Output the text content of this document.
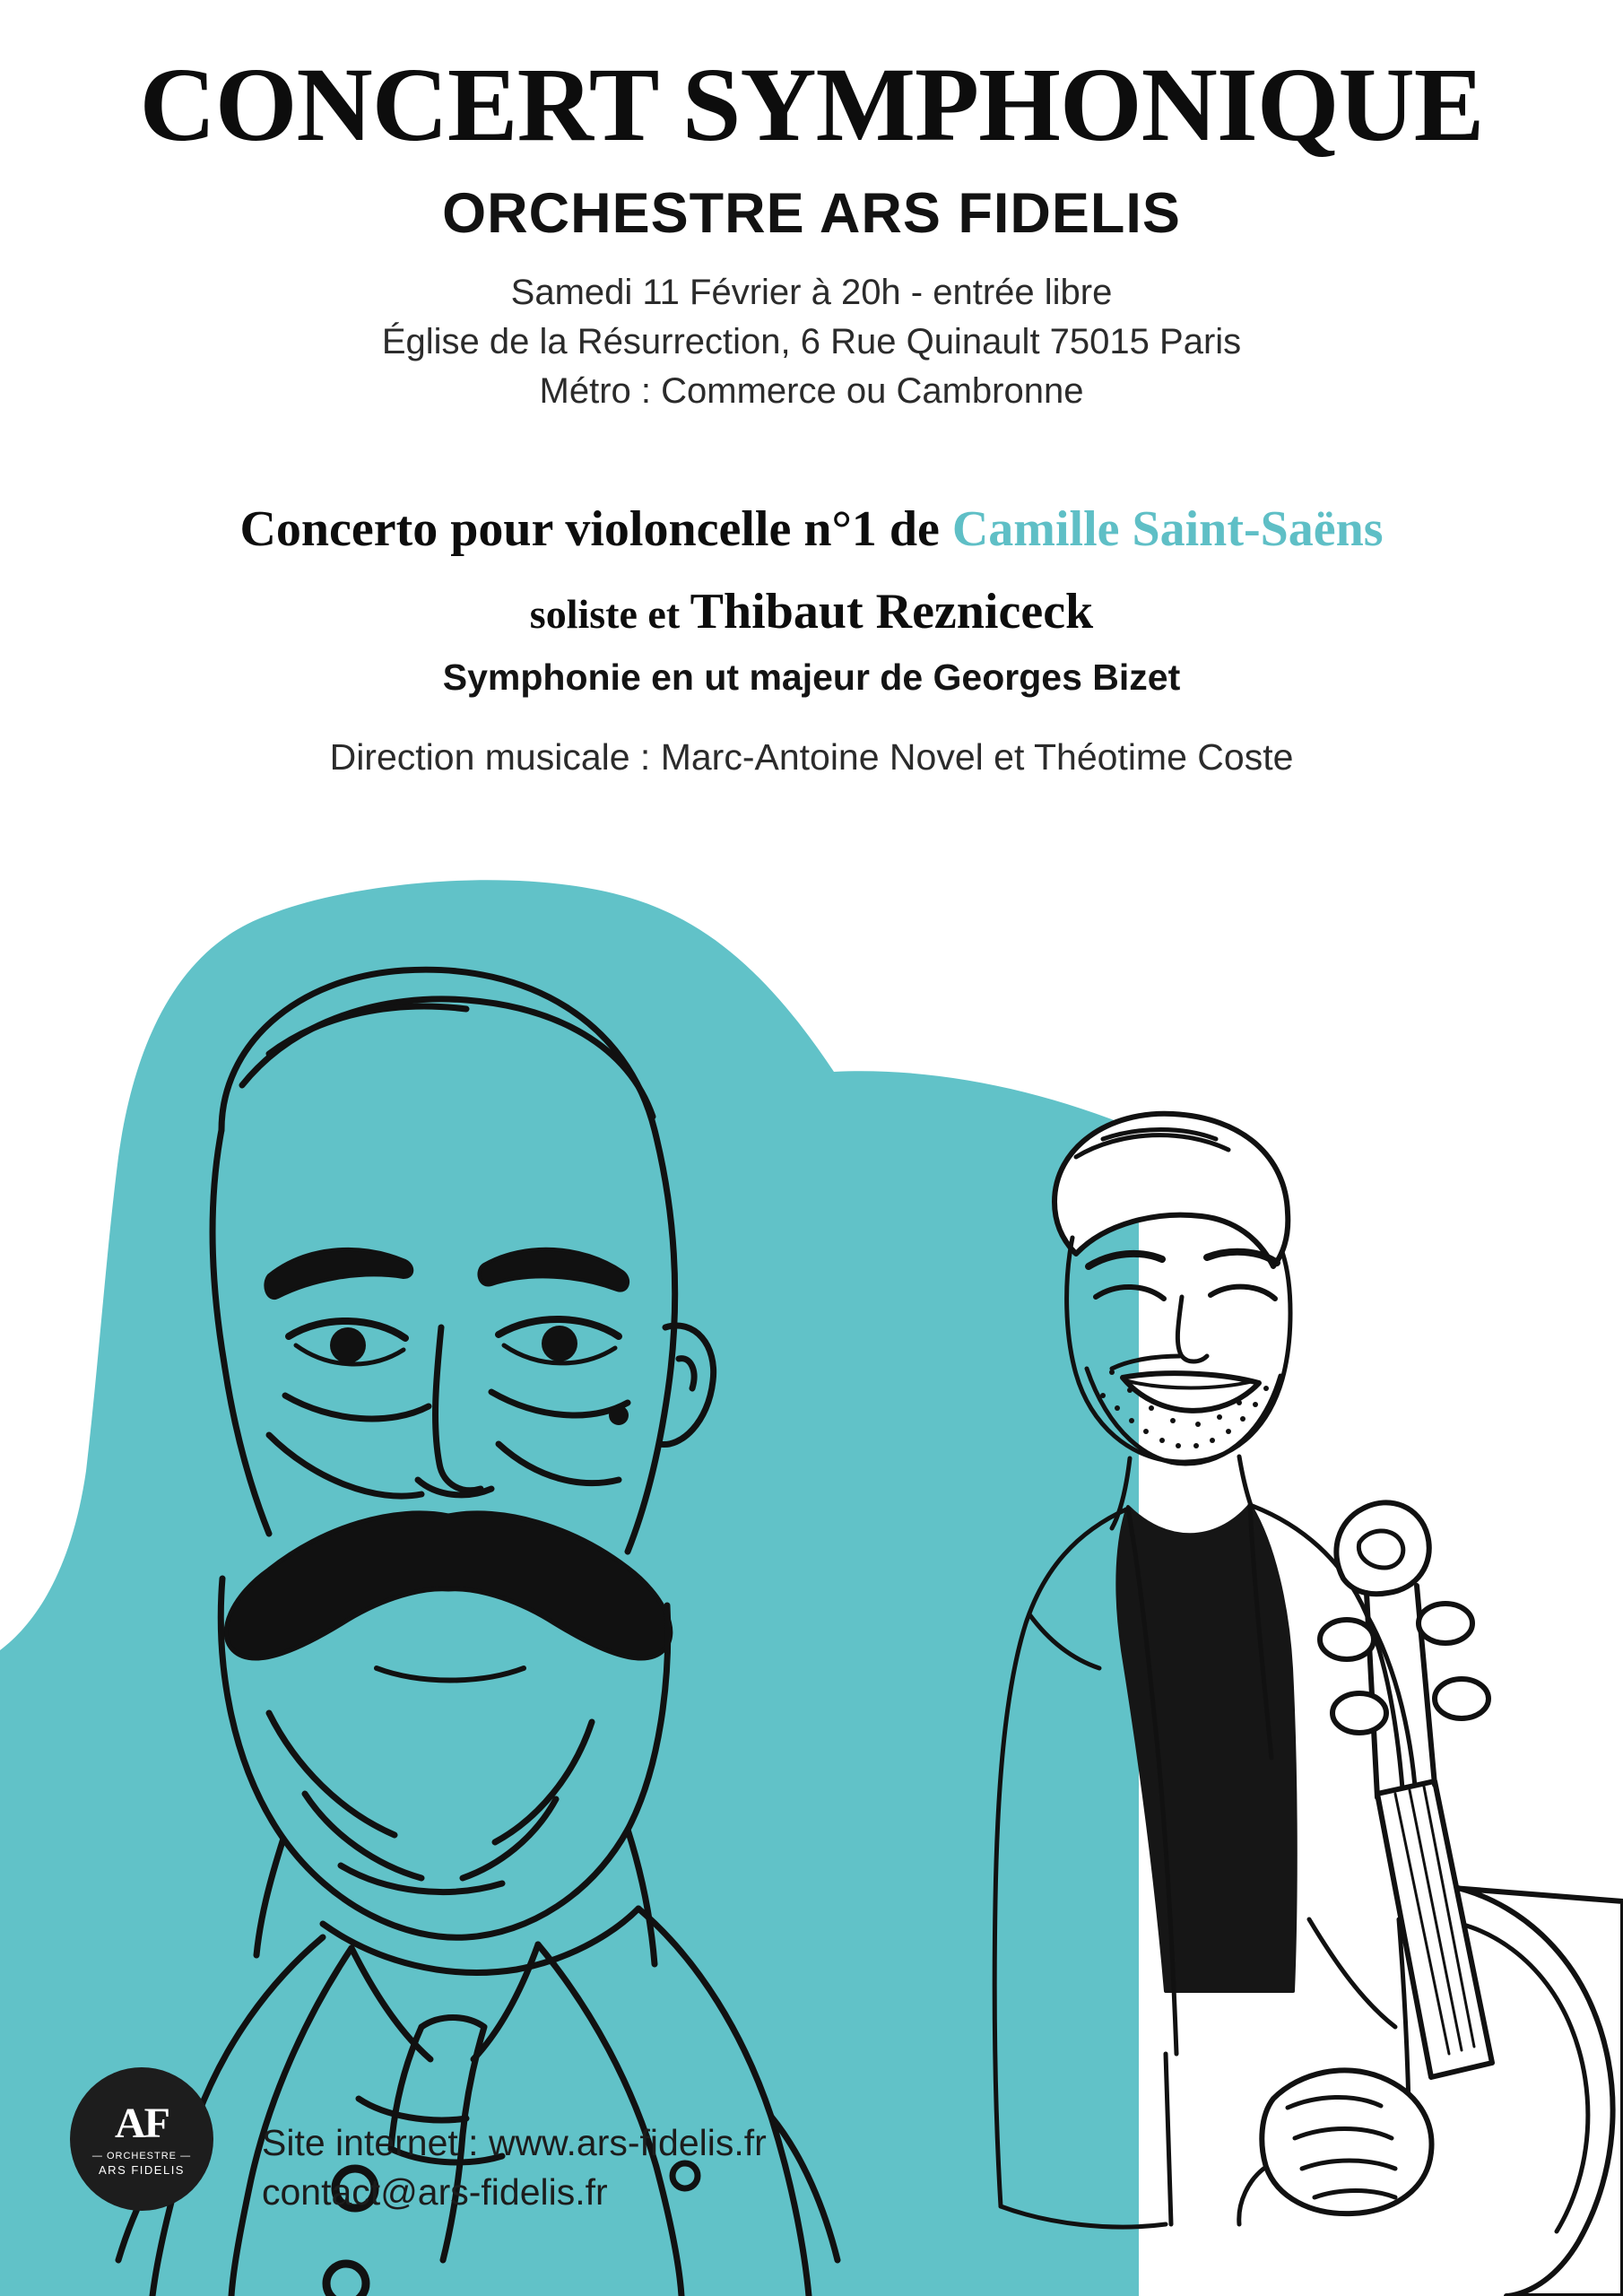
CONCERT SYMPHONIQUE
ORCHESTRE ARS FIDELIS
Samedi 11 Février à 20h - entrée libre
Église de la Résurrection, 6 Rue Quinault 75015 Paris
Métro : Commerce ou Cambronne
Concerto pour violoncelle n°1 de Camille Saint-Saëns
soliste et Thibaut Rezniceck
Symphonie en ut majeur de Georges Bizet
Direction musicale : Marc-Antoine Novel et Théotime Coste
AF
— ORCHESTRE —
ARS FIDELIS
Site internet : www.ars-fidelis.fr
contact@ars-fidelis.fr
